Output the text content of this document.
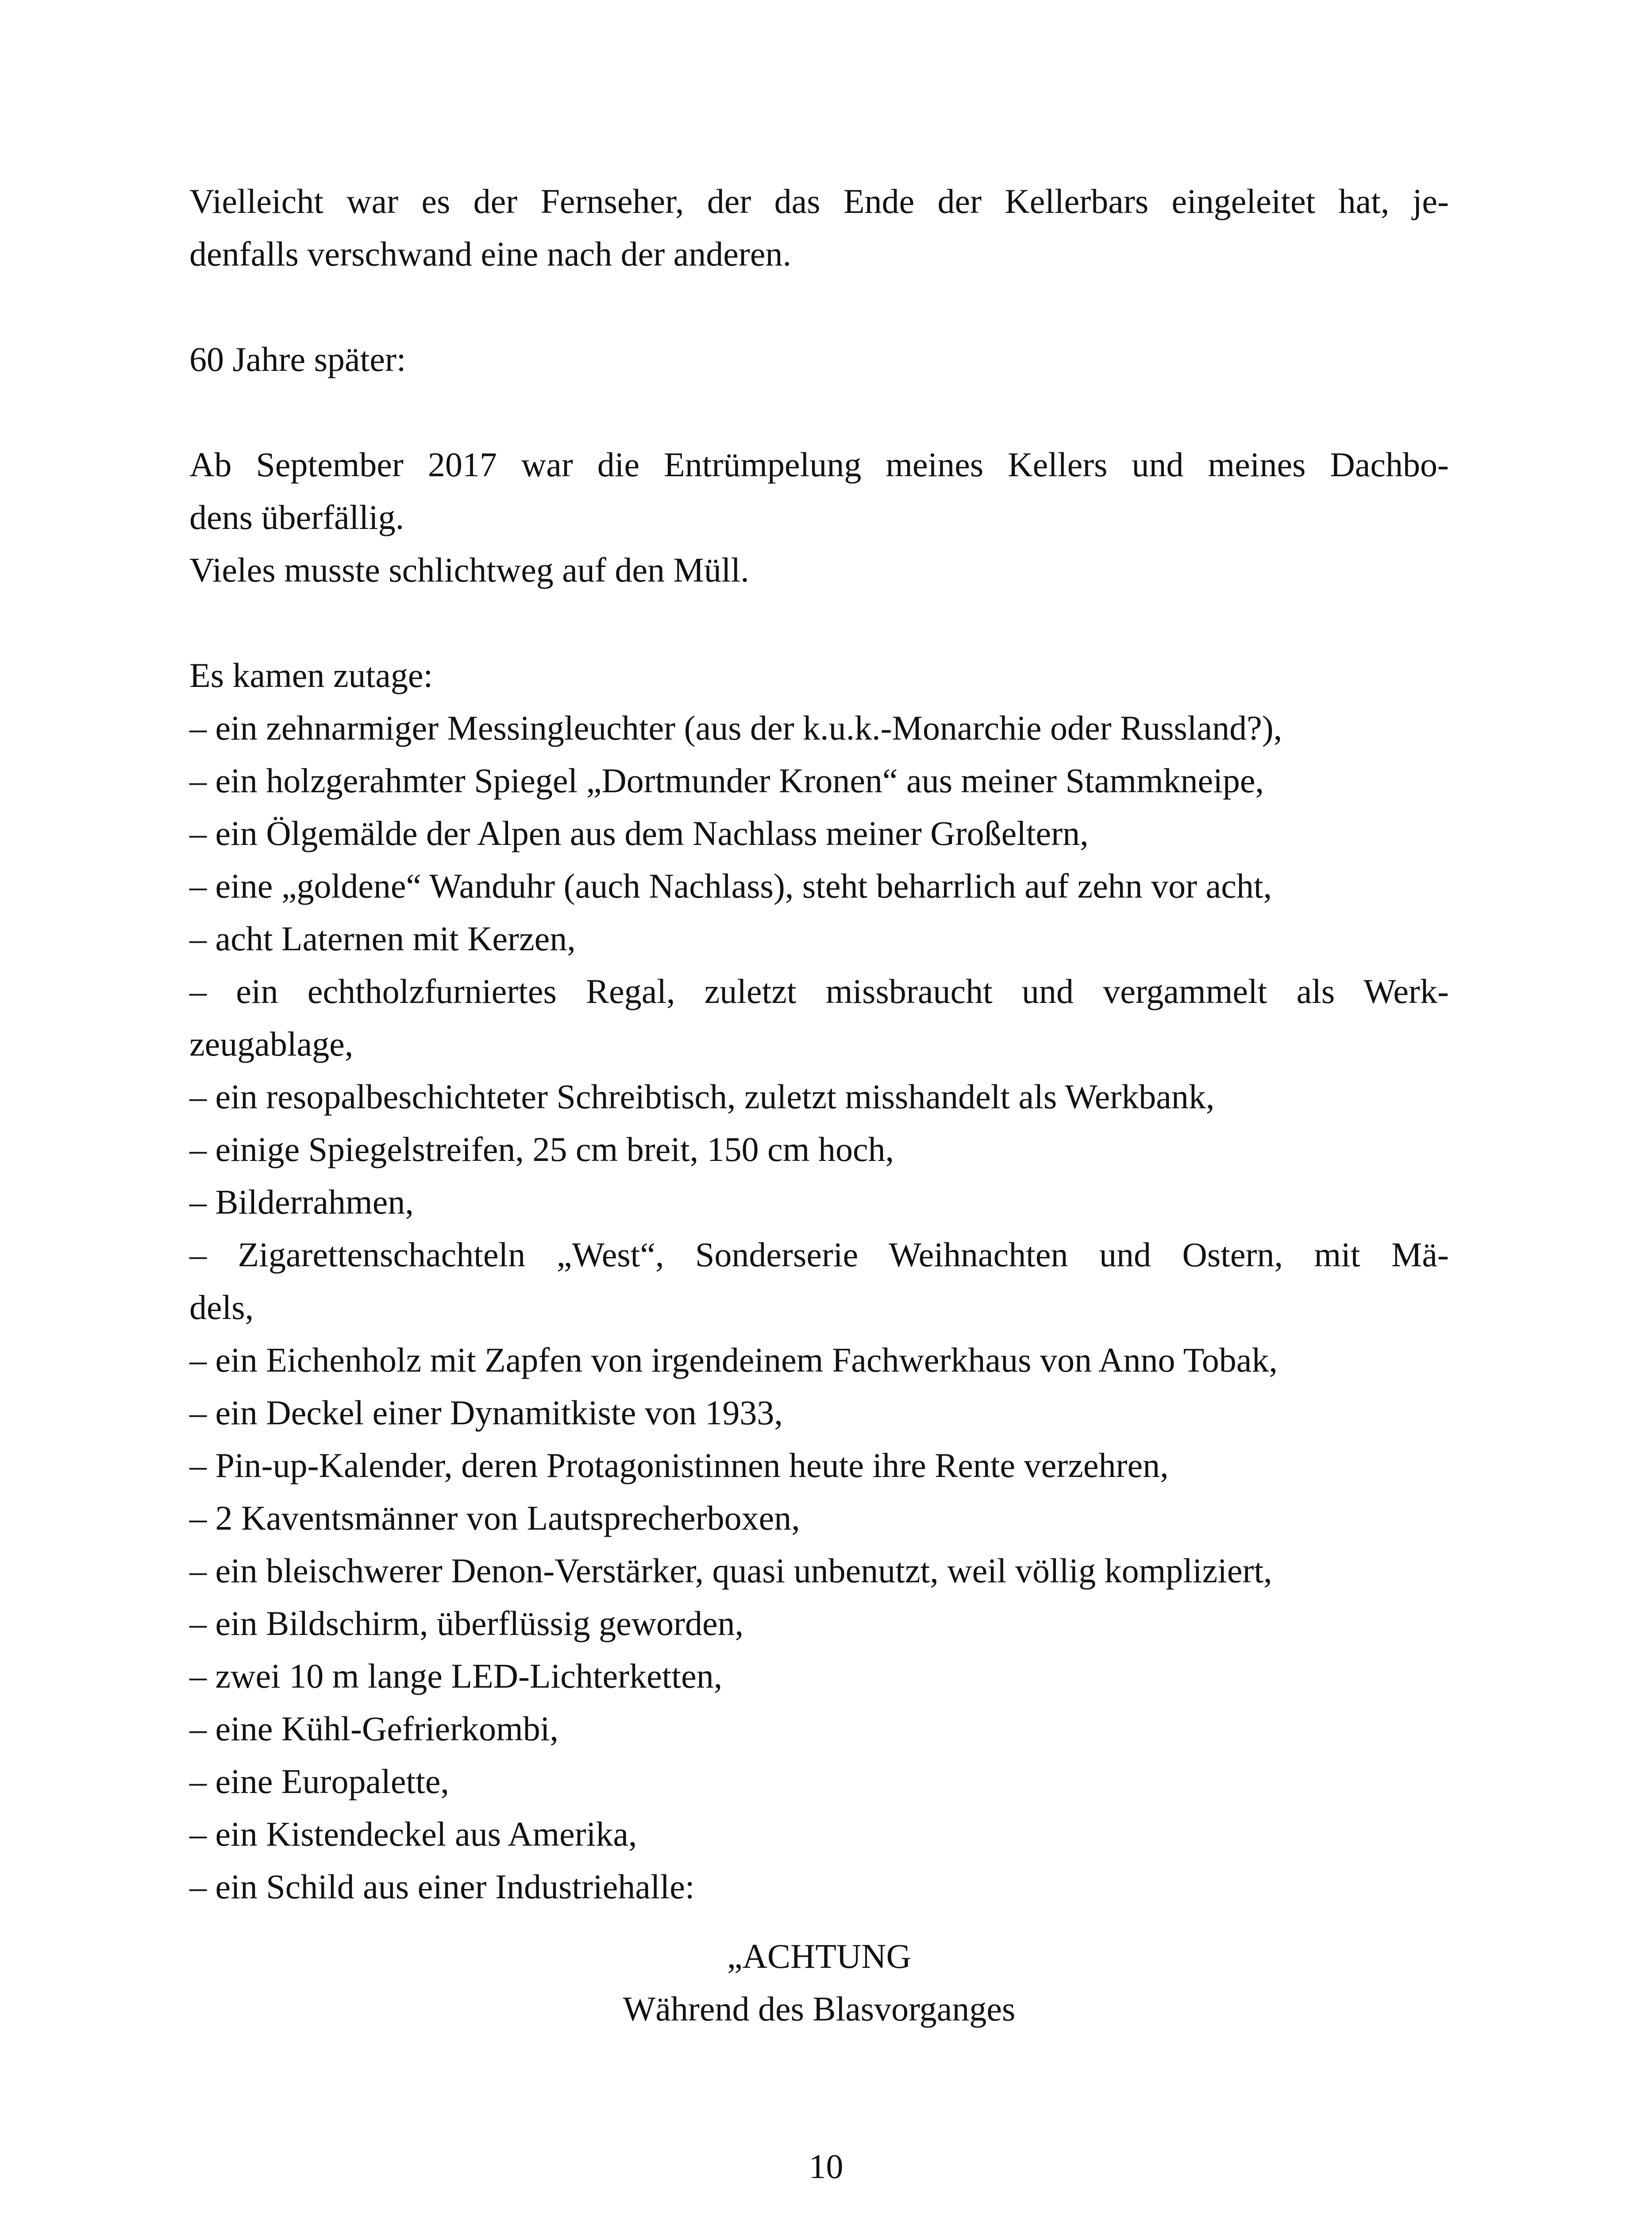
Vielleicht war es der Fernseher, der das Ende der Kellerbars eingeleitet hat, je-
denfalls verschwand eine nach der anderen.

60 Jahre später:

Ab September 2017 war die Entrümpelung meines Kellers und meines Dachbo-
dens überfällig.
Vieles musste schlichtweg auf den Müll.

Es kamen zutage:

– ein zehnarmiger Messingleuchter (aus der k.u.k.-Monarchie oder Russland?),
– ein holzgerahmter Spiegel „Dortmunder Kronen“ aus meiner Stammkneipe,
– ein Ölgemälde der Alpen aus dem Nachlass meiner Großeltern,
– eine „goldene“ Wanduhr (auch Nachlass), steht beharrlich auf zehn vor acht,
– acht Laternen mit Kerzen,
– ein echtholzfurniertes Regal, zuletzt missbraucht und vergammelt als Werk-
zeugablage,
– ein resopalbeschichteter Schreibtisch, zuletzt misshandelt als Werkbank,
– einige Spiegelstreifen, 25 cm breit, 150 cm hoch,
– Bilderrahmen,
– Zigarettenschachteln „West“, Sonderserie Weihnachten und Ostern, mit Mä-
dels,
– ein Eichenholz mit Zapfen von irgendeinem Fachwerkhaus von Anno Tobak,
– ein Deckel einer Dynamitkiste von 1933,
– Pin-up-Kalender, deren Protagonistinnen heute ihre Rente verzehren,
– 2 Kaventsmänner von Lautsprecherboxen,
– ein bleischwerer Denon-Verstärker, quasi unbenutzt, weil völlig kompliziert,
– ein Bildschirm, überflüssig geworden,
– zwei 10 m lange LED-Lichterketten,
– eine Kühl-Gefrierkombi,
– eine Europalette,
– ein Kistendeckel aus Amerika,
– ein Schild aus einer Industriehalle:
„ACHTUNG
Während des Blasvorganges
10
